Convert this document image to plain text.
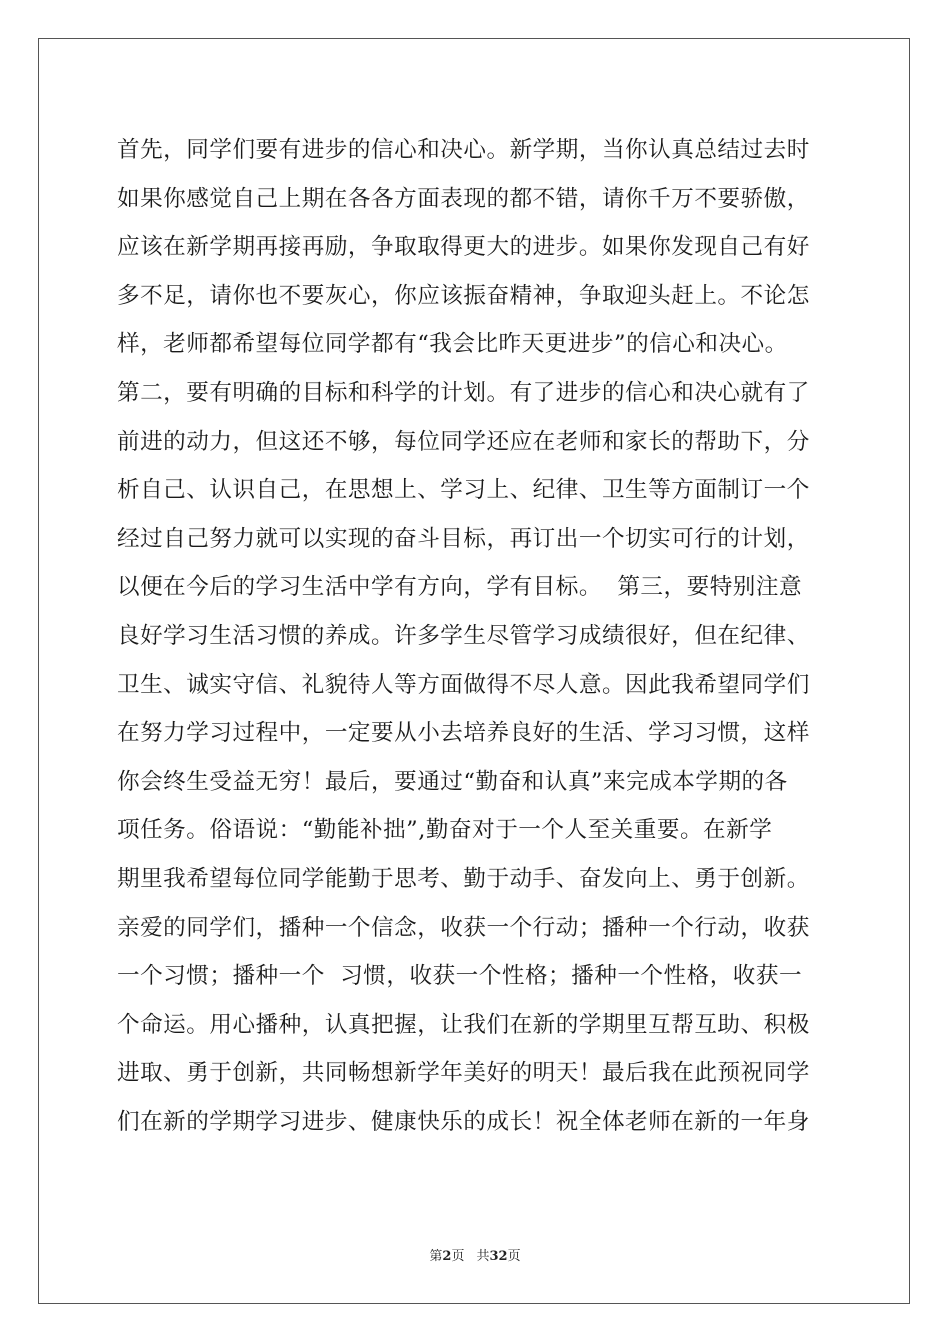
首先，同学们要有进步的信心和决心。新学期，当你认真总结过去时
如果你感觉自己上期在各各方面表现的都不错，请你千万不要骄傲，
应该在新学期再接再励，争取取得更大的进步。如果你发现自己有好
多不足，请你也不要灰心，你应该振奋精神，争取迎头赶上。不论怎
样，老师都希望每位同学都有“我会比昨天更进步”的信心和决心。
第二，要有明确的目标和科学的计划。有了进步的信心和决心就有了
前进的动力，但这还不够，每位同学还应在老师和家长的帮助下，分
析自己、认识自己，在思想上、学习上、纪律、卫生等方面制订一个
经过自己努力就可以实现的奋斗目标，再订出一个切实可行的计划，
以便在今后的学习生活中学有方向，学有目标。  第三，要特别注意
良好学习生活习惯的养成。许多学生尽管学习成绩很好，但在纪律、
卫生、诚实守信、礼貌待人等方面做得不尽人意。因此我希望同学们
在努力学习过程中，一定要从小去培养良好的生活、学习习惯，这样
你会终生受益无穷！最后，要通过“勤奋和认真”来完成本学期的各
项任务。俗语说：“勤能补拙”,勤奋对于一个人至关重要。在新学
期里我希望每位同学能勤于思考、勤于动手、奋发向上、勇于创新。
亲爱的同学们，播种一个信念，收获一个行动；播种一个行动，收获
一个习惯；播种一个  习惯，收获一个性格；播种一个性格，收获一
个命运。用心播种，认真把握，让我们在新的学期里互帮互助、积极
进取、勇于创新，共同畅想新学年美好的明天！最后我在此预祝同学
们在新的学期学习进步、健康快乐的成长！祝全体老师在新的一年身
第2页 共32页
